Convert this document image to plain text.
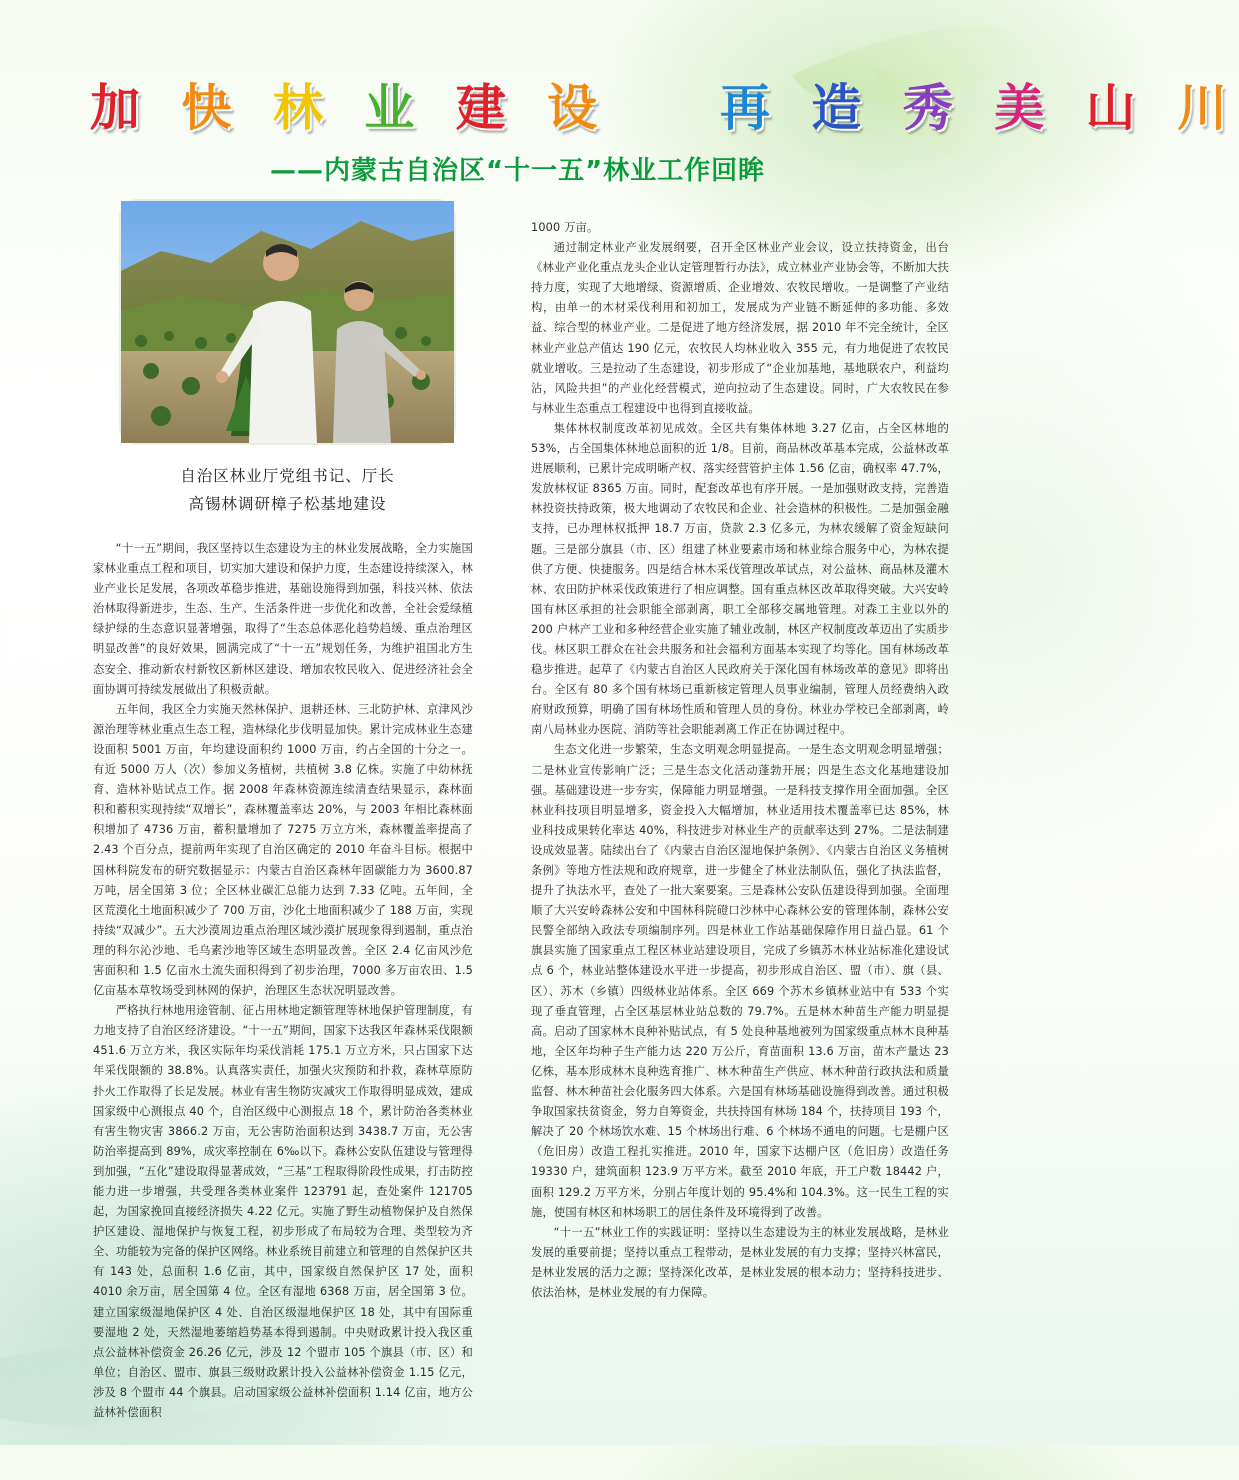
加 快 林 业 建 设 再 造 秀 美 山 川
——内蒙古自治区“十一五”林业工作回眸
自治区林业厅党组书记、厅长
高锡林调研樟子松基地建设

“十一五”期间，我区坚持以生态建设为主的林业发展战略，全力实施国家林业重点工程和项目，切实加大建设和保护力度，生态建设持续深入，林业产业长足发展，各项改革稳步推进，基础设施得到加强，科技兴林、依法治林取得新进步，生态、生产、生活条件进一步优化和改善，全社会爱绿植绿护绿的生态意识显著增强，取得了“生态总体恶化趋势趋缓、重点治理区明显改善”的良好效果，圆满完成了“十一五”规划任务，为维护祖国北方生态安全、推动新农村新牧区新林区建设、增加农牧民收入、促进经济社会全面协调可持续发展做出了积极贡献。

五年间，我区全力实施天然林保护、退耕还林、三北防护林、京津风沙源治理等林业重点生态工程，造林绿化步伐明显加快。累计完成林业生态建设面积 5001 万亩，年均建设面积约 1000 万亩，约占全国的十分之一。有近 5000 万人（次）参加义务植树，共植树 3.8 亿株。实施了中幼林抚育、造林补贴试点工作。据 2008 年森林资源连续清查结果显示，森林面积和蓄积实现持续“双增长”，森林覆盖率达 20%，与 2003 年相比森林面积增加了 4736 万亩，蓄积量增加了 7275 万立方米，森林覆盖率提高了 2.43 个百分点，提前两年实现了自治区确定的 2010 年奋斗目标。根据中国林科院发布的研究数据显示：内蒙古自治区森林年固碳能力为 3600.87 万吨，居全国第 3 位；全区林业碳汇总能力达到 7.33 亿吨。五年间，全区荒漠化土地面积减少了 700 万亩，沙化土地面积减少了 188 万亩，实现持续“双减少”。五大沙漠周边重点治理区域沙漠扩展现象得到遏制，重点治理的科尔沁沙地、毛乌素沙地等区域生态明显改善。全区 2.4 亿亩风沙危害面积和 1.5 亿亩水土流失面积得到了初步治理，7000 多万亩农田、1.5 亿亩基本草牧场受到林网的保护，治理区生态状况明显改善。

严格执行林地用途管制、征占用林地定额管理等林地保护管理制度，有力地支持了自治区经济建设。“十一五”期间，国家下达我区年森林采伐限额 451.6 万立方米，我区实际年均采伐消耗 175.1 万立方米，只占国家下达年采伐限额的 38.8%。认真落实责任，加强火灾预防和扑救，森林草原防扑火工作取得了长足发展。林业有害生物防灾减灾工作取得明显成效，建成国家级中心测报点 40 个，自治区级中心测报点 18 个，累计防治各类林业有害生物灾害 3866.2 万亩，无公害防治面积达到 3438.7 万亩，无公害防治率提高到 89%，成灾率控制在 6‰以下。森林公安队伍建设与管理得到加强，“五化”建设取得显著成效，“三基”工程取得阶段性成果，打击防控能力进一步增强，共受理各类林业案件 123791 起，查处案件 121705 起，为国家挽回直接经济损失 4.22 亿元。实施了野生动植物保护及自然保护区建设、湿地保护与恢复工程，初步形成了布局较为合理、类型较为齐全、功能较为完备的保护区网络。林业系统目前建立和管理的自然保护区共有 143 处，总面积 1.6 亿亩，其中，国家级自然保护区 17 处，面积 4010 余万亩，居全国第 4 位。全区有湿地 6368 万亩，居全国第 3 位。建立国家级湿地保护区 4 处、自治区级湿地保护区 18 处，其中有国际重要湿地 2 处，天然湿地萎缩趋势基本得到遏制。中央财政累计投入我区重点公益林补偿资金 26.26 亿元，涉及 12 个盟市 105 个旗县（市、区）和单位；自治区、盟市、旗县三级财政累计投入公益林补偿资金 1.15 亿元，涉及 8 个盟市 44 个旗县。启动国家级公益林补偿面积 1.14 亿亩，地方公益林补偿面积

1000 万亩。

通过制定林业产业发展纲要，召开全区林业产业会议，设立扶持资金，出台《林业产业化重点龙头企业认定管理暂行办法》，成立林业产业协会等，不断加大扶持力度，实现了大地增绿、资源增质、企业增效、农牧民增收。一是调整了产业结构，由单一的木材采伐利用和初加工，发展成为产业链不断延伸的多功能、多效益、综合型的林业产业。二是促进了地方经济发展，据 2010 年不完全统计，全区林业产业总产值达 190 亿元，农牧民人均林业收入 355 元，有力地促进了农牧民就业增收。三是拉动了生态建设，初步形成了“企业加基地，基地联农户，利益均沾，风险共担”的产业化经营模式，逆向拉动了生态建设。同时，广大农牧民在参与林业生态重点工程建设中也得到直接收益。

集体林权制度改革初见成效。全区共有集体林地 3.27 亿亩，占全区林地的 53%，占全国集体林地总面积的近 1/8。目前，商品林改革基本完成，公益林改革进展顺利，已累计完成明晰产权、落实经营管护主体 1.56 亿亩，确权率 47.7%，发放林权证 8365 万亩。同时，配套改革也有序开展。一是加强财政支持，完善造林投资扶持政策，极大地调动了农牧民和企业、社会造林的积极性。二是加强金融支持，已办理林权抵押 18.7 万亩，贷款 2.3 亿多元，为林农缓解了资金短缺问题。三是部分旗县（市、区）组建了林业要素市场和林业综合服务中心，为林农提供了方便、快捷服务。四是结合林木采伐管理改革试点，对公益林、商品林及灌木林、农田防护林采伐政策进行了相应调整。国有重点林区改革取得突破。大兴安岭国有林区承担的社会职能全部剥离，职工全部移交属地管理。对森工主业以外的 200 户林产工业和多种经营企业实施了辅业改制，林区产权制度改革迈出了实质步伐。林区职工群众在社会共服务和社会福利方面基本实现了均等化。国有林场改革稳步推进。起草了《内蒙古自治区人民政府关于深化国有林场改革的意见》即将出台。全区有 80 多个国有林场已重新核定管理人员事业编制，管理人员经费纳入政府财政预算，明确了国有林场性质和管理人员的身份。林业办学校已全部剥离，岭南八局林业办医院、消防等社会职能剥离工作正在协调过程中。

生态文化进一步繁荣，生态文明观念明显提高。一是生态文明观念明显增强；二是林业宣传影响广泛；三是生态文化活动蓬勃开展；四是生态文化基地建设加强。基础建设进一步夯实，保障能力明显增强。一是科技支撑作用全面加强。全区林业科技项目明显增多，资金投入大幅增加，林业适用技术覆盖率已达 85%，林业科技成果转化率达 40%，科技进步对林业生产的贡献率达到 27%。二是法制建设成效显著。陆续出台了《内蒙古自治区湿地保护条例》、《内蒙古自治区义务植树条例》等地方性法规和政府规章，进一步健全了林业法制队伍，强化了执法监督，提升了执法水平，查处了一批大案要案。三是森林公安队伍建设得到加强。全面理顺了大兴安岭森林公安和中国林科院磴口沙林中心森林公安的管理体制，森林公安民警全部纳入政法专项编制序列。四是林业工作站基础保障作用日益凸显。61 个旗县实施了国家重点工程区林业站建设项目，完成了乡镇苏木林业站标准化建设试点 6 个，林业站整体建设水平进一步提高，初步形成自治区、盟（市）、旗（县、区）、苏木（乡镇）四级林业站体系。全区 669 个苏木乡镇林业站中有 533 个实现了垂直管理，占全区基层林业站总数的 79.7%。五是林木种苗生产能力明显提高。启动了国家林木良种补贴试点，有 5 处良种基地被列为国家级重点林木良种基地，全区年均种子生产能力达 220 万公斤，育苗面积 13.6 万亩，苗木产量达 23 亿株，基本形成林木良种选育推广、林木种苗生产供应、林木种苗行政执法和质量监督、林木种苗社会化服务四大体系。六是国有林场基础设施得到改善。通过积极争取国家扶贫资金，努力自筹资金，共扶持国有林场 184 个，扶持项目 193 个，解决了 20 个林场饮水难、15 个林场出行难、6 个林场不通电的问题。七是棚户区（危旧房）改造工程扎实推进。2010 年，国家下达棚户区（危旧房）改造任务 19330 户，建筑面积 123.9 万平方米。截至 2010 年底，开工户数 18442 户，面积 129.2 万平方米，分别占年度计划的 95.4%和 104.3%。这一民生工程的实施，使国有林区和林场职工的居住条件及环境得到了改善。

“十一五”林业工作的实践证明：坚持以生态建设为主的林业发展战略，是林业发展的重要前提；坚持以重点工程带动，是林业发展的有力支撑；坚持兴林富民，是林业发展的活力之源；坚持深化改革，是林业发展的根本动力；坚持科技进步、依法治林，是林业发展的有力保障。
